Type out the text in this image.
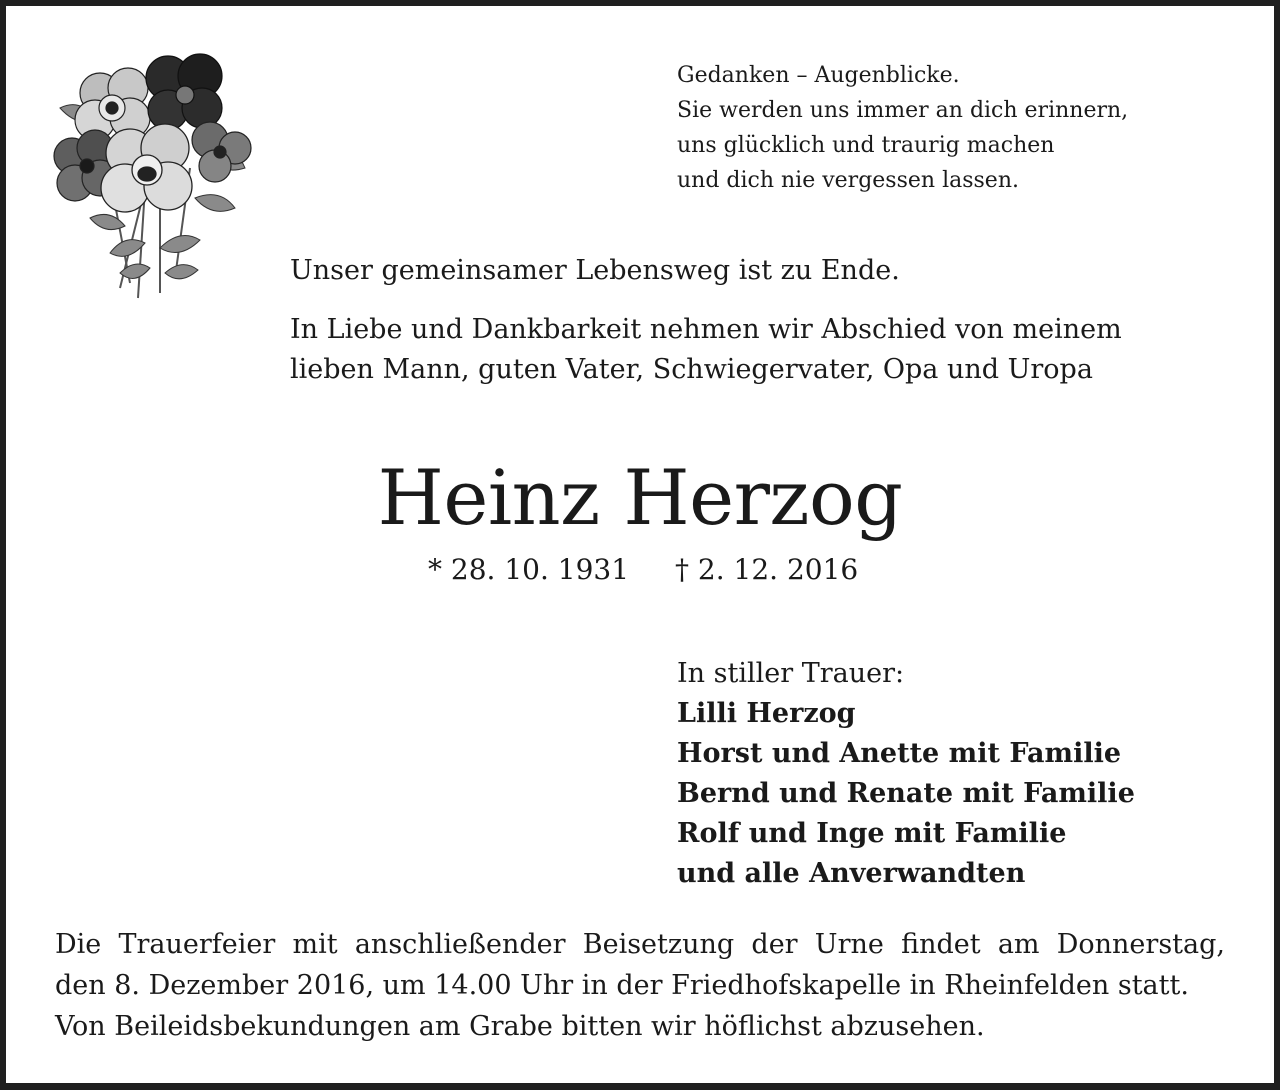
Gedanken – Augenblicke.
Sie werden uns immer an dich erinnern,
uns glücklich und traurig machen
und dich nie vergessen lassen.
Unser gemeinsamer Lebensweg ist zu Ende.
In Liebe und Dankbarkeit nehmen wir Abschied von meinem
lieben Mann, guten Vater, Schwiegervater, Opa und Uropa
Heinz Herzog
* 28. 10. 1931 † 2. 12. 2016
In stiller Trauer:
Lilli Herzog
Horst und Anette mit Familie
Bernd und Renate mit Familie
Rolf und Inge mit Familie
und alle Anverwandten
Die Trauerfeier mit anschließender Beisetzung der Urne findet am Donnerstag,
den 8. Dezember 2016, um 14.00 Uhr in der Friedhofskapelle in Rheinfelden statt.
Von Beileidsbekundungen am Grabe bitten wir höflichst abzusehen.
